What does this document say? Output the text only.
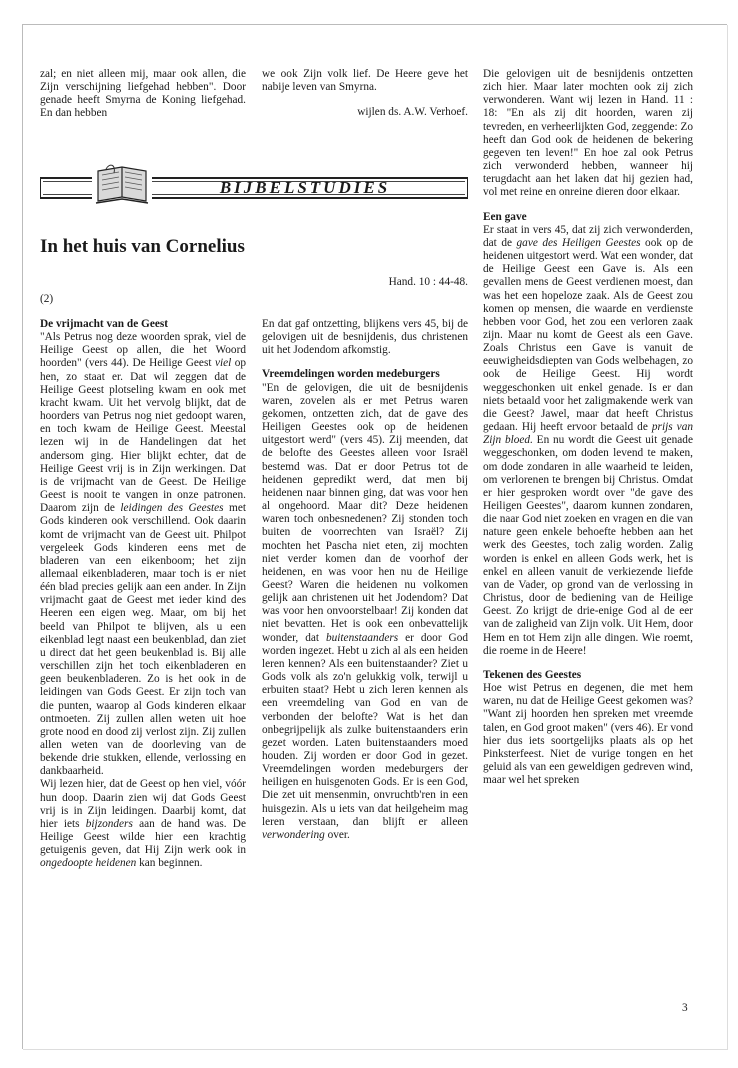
zal; en niet alleen mij, maar ook allen, die Zijn verschijning liefgehad hebben". Door genade heeft Smyrna de Koning liefgehad. En dan hebben

we ook Zijn volk lief. De Heere geve het nabije leven van Smyrna.

wijlen ds. A.W. Verhoef.

BIJBELSTUDIES
In het huis van Cornelius
Hand. 10 : 44-48.
(2)

De vrijmacht van de Geest

"Als Petrus nog deze woorden sprak, viel de Heilige Geest op allen, die het Woord hoorden" (vers 44). De Heilige Geest viel op hen, zo staat er. Dat wil zeggen dat de Heilige Geest plotseling kwam en ook met kracht kwam. Uit het vervolg blijkt, dat de hoorders van Petrus nog niet gedoopt waren, en toch kwam de Heilige Geest. Meestal lezen wij in de Handelingen dat het andersom ging. Hier blijkt echter, dat de Heilige Geest vrij is in Zijn werkingen. Dat is de vrijmacht van de Geest. De Heilige Geest is nooit te vangen in onze patronen. Daarom zijn de leidingen des Geestes met Gods kinderen ook verschillend. Ook daarin komt de vrijmacht van de Geest uit. Philpot vergeleek Gods kinderen eens met de bladeren van een eikenboom; het zijn allemaal eikenbladeren, maar toch is er niet één blad precies gelijk aan een ander. In Zijn vrijmacht gaat de Geest met ieder kind des Heeren een eigen weg. Maar, om bij het beeld van Philpot te blijven, als u een eikenblad legt naast een beukenblad, dan ziet u direct dat het geen beukenblad is. Bij alle verschillen zijn het toch eikenbladeren en geen beukenbladeren. Zo is het ook in de leidingen van Gods Geest. Er zijn toch van die punten, waarop al Gods kinderen elkaar ontmoeten. Zij zullen allen weten uit hoe grote nood en dood zij verlost zijn. Zij zullen allen weten van de doorleving van de bekende drie stukken, ellende, verlossing en dankbaarheid.

Wij lezen hier, dat de Geest op hen viel, vóór hun doop. Daarin zien wij dat Gods Geest vrij is in Zijn leidingen. Daarbij komt, dat hier iets bijzonders aan de hand was. De Heilige Geest wilde hier een krachtig getuigenis geven, dat Hij Zijn werk ook in ongedoopte heidenen kan beginnen.

En dat gaf ontzetting, blijkens vers 45, bij de gelovigen uit de besnijdenis, dus christenen uit het Jodendom afkomstig.

Vreemdelingen worden medeburgers

"En de gelovigen, die uit de besnijdenis waren, zovelen als er met Petrus waren gekomen, ontzetten zich, dat de gave des Heiligen Geestes ook op de heidenen uitgestort werd" (vers 45). Zij meenden, dat de belofte des Geestes alleen voor Israël bestemd was. Dat er door Petrus tot de heidenen gepredikt werd, dat men bij heidenen naar binnen ging, dat was voor hen al ongehoord. Maar dit? Deze heidenen waren toch onbesnedenen? Zij stonden toch buiten de voorrechten van Israël? Zij mochten het Pascha niet eten, zij mochten niet verder komen dan de voorhof der heidenen, en was voor hen nu de Heilige Geest? Waren die heidenen nu volkomen gelijk aan christenen uit het Jodendom? Dat was voor hen onvoorstelbaar! Zij konden dat niet bevatten. Het is ook een onbevattelijk wonder, dat buitenstaanders er door God worden ingezet. Hebt u zich al als een heiden leren kennen? Als een buitenstaander? Ziet u Gods volk als zo'n gelukkig volk, terwijl u erbuiten staat? Hebt u zich leren kennen als een vreemdeling van God en van de verbonden der belofte? Wat is het dan onbegrijpelijk als zulke buitenstaanders erin gezet worden. Laten buitenstaanders moed houden. Zij worden er door God in gezet. Vreemdelingen worden medeburgers der heiligen en huisgenoten Gods. Er is een God, Die zet uit mensenmin, onvruchtb'ren in een huisgezin. Als u iets van dat heilgeheim mag leren verstaan, dan blijft er alleen verwondering over.

Die gelovigen uit de besnijdenis ontzetten zich hier. Maar later mochten ook zij zich verwonderen. Want wij lezen in Hand. 11 : 18: "En als zij dit hoorden, waren zij tevreden, en verheerlijkten God, zeggende: Zo heeft dan God ook de heidenen de bekering gegeven ten leven!" En hoe zal ook Petrus zich verwonderd hebben, wanneer hij terugdacht aan het laken dat hij gezien had, vol met reine en onreine dieren door elkaar.

Een gave

Er staat in vers 45, dat zij zich verwonderden, dat de gave des Heiligen Geestes ook op de heidenen uitgestort werd. Wat een wonder, dat de Heilige Geest een Gave is. Als een gevallen mens de Geest verdienen moest, dan was het een hopeloze zaak. Als de Geest zou komen op mensen, die waarde en verdienste hebben voor God, het zou een verloren zaak zijn. Maar nu komt de Geest als een Gave. Zoals Christus een Gave is vanuit de eeuwigheidsdiepten van Gods welbehagen, zo ook de Heilige Geest. Hij wordt weggeschonken uit enkel genade. Is er dan niets betaald voor het zaligmakende werk van die Geest? Jawel, maar dat heeft Christus gedaan. Hij heeft ervoor betaald de prijs van Zijn bloed. En nu wordt die Geest uit genade weggeschonken, om doden levend te maken, om dode zondaren in alle waarheid te leiden, om verlorenen te brengen bij Christus. Omdat er hier gesproken wordt over "de gave des Heiligen Geestes", daarom kunnen zondaren, die naar God niet zoeken en vragen en die van nature geen enkele behoefte hebben aan het werk des Geestes, toch zalig worden. Zalig worden is enkel en alleen Gods werk, het is enkel en alleen vanuit de verkiezende liefde van de Vader, op grond van de verlossing in Christus, door de bediening van de Heilige Geest. Zo krijgt de drie-enige God al de eer van de zaligheid van Zijn volk. Uit Hem, door Hem en tot Hem zijn alle dingen. Wie roemt, die roeme in de Heere!

Tekenen des Geestes

Hoe wist Petrus en degenen, die met hem waren, nu dat de Heilige Geest gekomen was? "Want zij hoorden hen spreken met vreemde talen, en God groot maken" (vers 46). Er vond hier dus iets soortgelijks plaats als op het Pinksterfeest. Niet de vurige tongen en het geluid als van een geweldigen gedreven wind, maar wel het spreken

3
